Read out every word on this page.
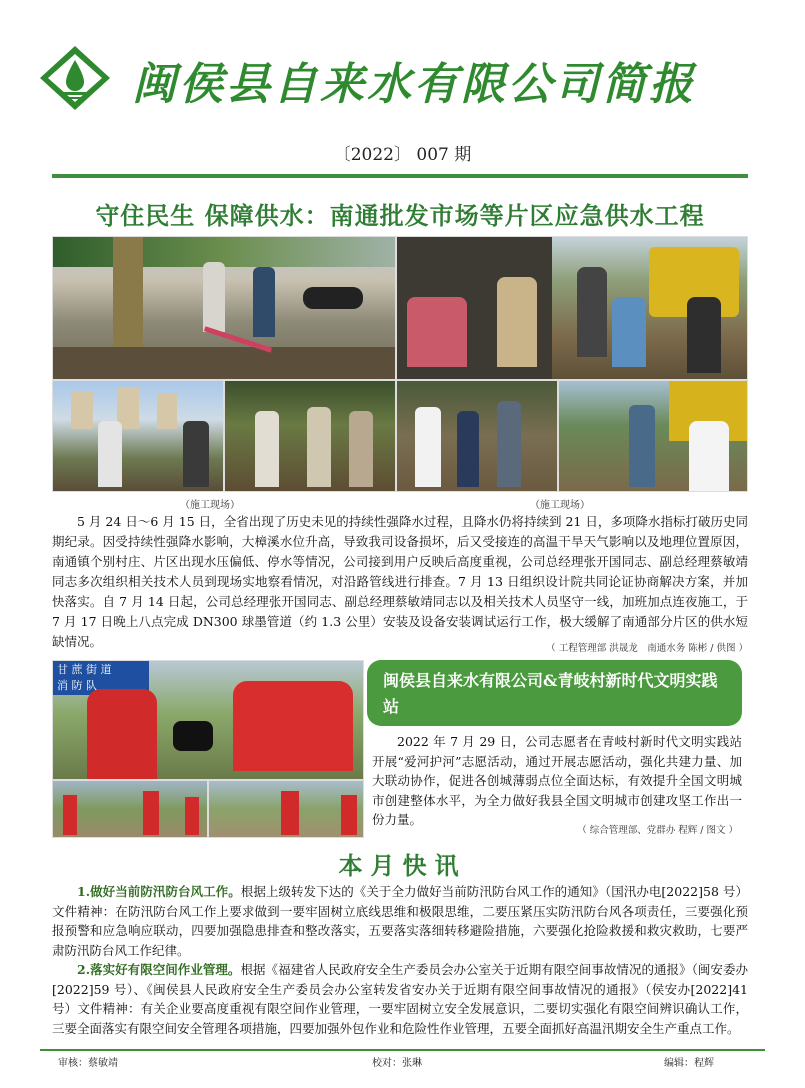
闽侯县自来水有限公司简报
〔2022〕 007 期
守住民生 保障供水：南通批发市场等片区应急供水工程
（施工现场）	（施工现场）
5 月 24 日～6 月 15 日，全省出现了历史未见的持续性强降水过程，且降水仍将持续到 21 日，多项降水指标打破历史同期纪录。因受持续性强降水影响，大樟溪水位升高，导致我司设备损坏，后又受接连的高温干旱天气影响以及地理位置原因，南通镇个别村庄、片区出现水压偏低、停水等情况，公司接到用户反映后高度重视，公司总经理张开国同志、副总经理蔡敏靖同志多次组织相关技术人员到现场实地察看情况，对沿路管线进行排查。7 月 13 日组织设计院共同论证协商解决方案，并加快落实。自 7 月 14 日起，公司总经理张开国同志、副总经理蔡敏靖同志以及相关技术人员坚守一线，加班加点连夜施工，于 7 月 17 日晚上八点完成 DN300 球墨管道（约 1.3 公里）安装及设备安装调试运行工作，极大缓解了南通部分片区的供水短缺情况。	（ 工程管理部 洪晟龙　南通水务 陈彬 / 供图 ）
甘 蔗 街 道
消 防 队	闽侯县自来水有限公司&青岐村新时代文明实践站
2022 年 7 月 29 日，公司志愿者在青岐村新时代文明实践站开展“爱河护河”志愿活动，通过开展志愿活动，强化共建力量、加大联动协作，促进各创城薄弱点位全面达标，有效提升全国文明城市创建整体水平，为全力做好我县全国文明城市创建攻坚工作出一份力量。
（ 综合管理部、党群办 程辉 / 图文 ）
本月快讯
1.做好当前防汛防台风工作。根据上级转发下达的《关于全力做好当前防汛防台风工作的通知》（国汛办电[2022]58 号）文件精神：在防汛防台风工作上要求做到一要牢固树立底线思维和极限思维，二要压紧压实防汛防台风各项责任，三要强化预报预警和应急响应联动，四要加强隐患排查和整改落实，五要落实落细转移避险措施，六要强化抢险救援和救灾救助，七要严肃防汛防台风工作纪律。
2.落实好有限空间作业管理。根据《福建省人民政府安全生产委员会办公室关于近期有限空间事故情况的通报》（闽安委办[2022]59 号）、《闽侯县人民政府安全生产委员会办公室转发省安办关于近期有限空间事故情况的通报》（侯安办[2022]41 号）文件精神：有关企业要高度重视有限空间作业管理，一要牢固树立安全发展意识，二要切实强化有限空间辨识确认工作，三要全面落实有限空间安全管理各项措施，四要加强外包作业和危险性作业管理，五要全面抓好高温汛期安全生产重点工作。
审核：蔡敏靖	校对：张琳	编辑：程辉
